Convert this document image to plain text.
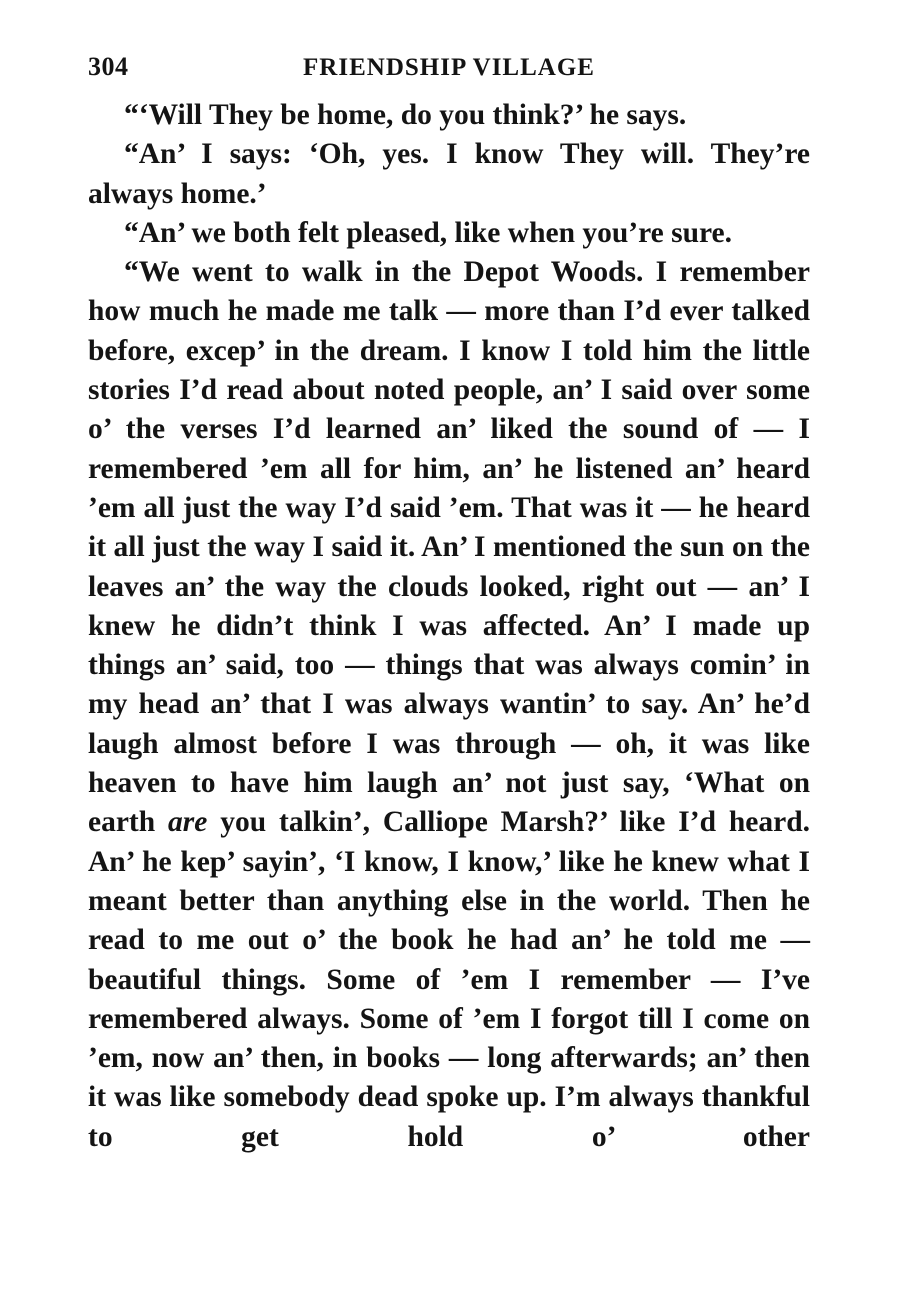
304	FRIENDSHIP VILLAGE

“‘Will They be home, do you think?’ he says.

“An’ I says: ‘Oh, yes. I know They will. They’re always home.’

“An’ we both felt pleased, like when you’re sure.

“We went to walk in the Depot Woods. I remember how much he made me talk — more than I’d ever talked before, excep’ in the dream. I know I told him the little stories I’d read about noted people, an’ I said over some o’ the verses I’d learned an’ liked the sound of — I remembered ’em all for him, an’ he listened an’ heard ’em all just the way I’d said ’em. That was it — he heard it all just the way I said it. An’ I mentioned the sun on the leaves an’ the way the clouds looked, right out — an’ I knew he didn’t think I was affected. An’ I made up things an’ said, too — things that was always comin’ in my head an’ that I was always wantin’ to say. An’ he’d laugh almost before I was through — oh, it was like heaven to have him laugh an’ not just say, ‘What on earth are you talkin’, Calliope Marsh?’ like I’d heard. An’ he kep’ sayin’, ‘I know, I know,’ like he knew what I meant better than anything else in the world. Then he read to me out o’ the book he had an’ he told me — beautiful things. Some of ’em I remember — I’ve remembered always. Some of ’em I forgot till I come on ’em, now an’ then, in books — long afterwards; an’ then it was like somebody dead spoke up. I’m always thankful to get hold o’ other
